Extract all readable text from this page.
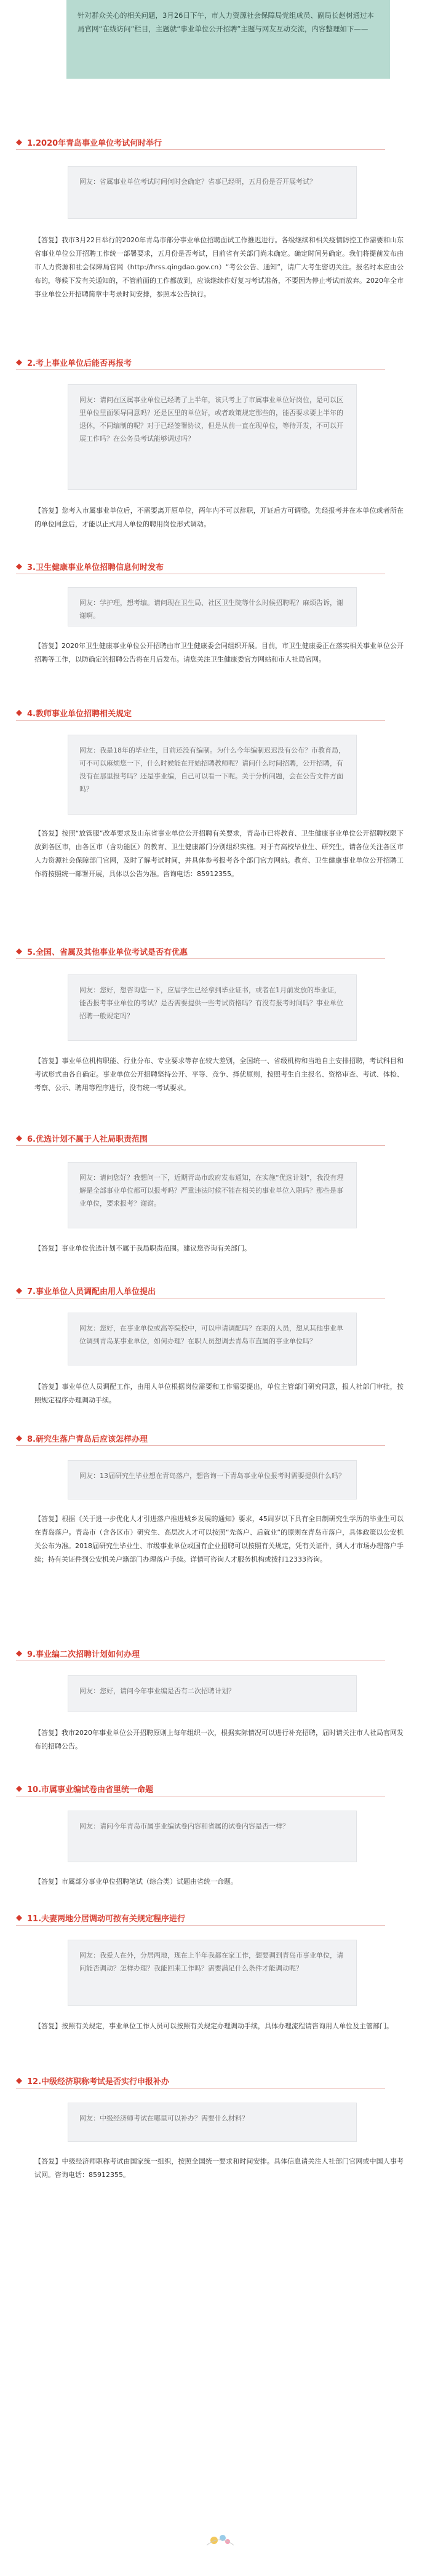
针对群众关心的相关问题，3月26日下午，市人力资源社会保障局党组成员、副局长赵树通过本局官网“在线访问”栏目，主题就“事业单位公开招聘”主题与网友互动交流，内容整理如下——
◆ 1.2020年青岛事业单位考试何时举行
网友：省属事业单位考试时间何时会确定？省事已经明，五月份是否开展考试？
【答复】我市3月22日举行的2020年青岛市部分事业单位招聘面试工作推迟进行。各级继续和相关疫情防控工作需要和山东省事业单位公开招聘工作统一部署要求，五月份是否考试，目前省有关部门尚未确定。确定时间另确定。我们将提前发布由市人力资源和社会保障局官网（http://hrss.qingdao.gov.cn）“考公公告、通知”，请广大考生密切关注。报名时本应由公布的，等候下发有关通知的，不管前面的工作都放到，应该继续作好复习考试准备，不要因为停止考试而放弃。2020年全市事业单位公开招聘简章中考录时间安排，参照本公告执行。
◆ 2.考上事业单位后能否再报考
网友：请问在区属事业单位已经聘了上半年，该只考上了市属事业单位好岗位，是可以区里单位里面领导同意吗？还是区里的单位好，或者政策规定那些的，能否要求要上半年的退休，不同编制的呢？对于已经签署协议，但是从前一直在现单位，等待开发，不可以开展工作吗？在公务员考试能够调过吗？
【答复】您考入市属事业单位后，不需要离开原单位，两年内不可以辞职，开证后方可调整。先经报考并在本单位或者所在的单位同意后，才能以正式用人单位的聘用岗位形式调动。
◆ 3.卫生健康事业单位招聘信息何时发布
网友：学护理，想考编。请问现在卫生局、社区卫生院等什么时候招聘呢？麻烦告诉，谢谢啊。
【答复】2020年卫生健康事业单位公开招聘由市卫生健康委会同组织开展。目前，市卫生健康委正在落实相关事业单位公开招聘等工作，以防确定的招聘公告将在月后发布。请您关注卫生健康委官方网站和市人社局官网。
◆ 4.教师事业单位招聘相关规定
网友：我是18年的毕业生，目前还没有编制。为什么今年编制迟迟没有公布？市教育局，可不可以麻烦您一下，什么时候能在开始招聘教师呢？请问什么时间招聘，公开招聘，有没有在那里报考吗？还是事业编，自己可以看一下呢。关于分析问题，会在公告文件方面吗？
【答复】按照“放管服”改革要求及山东省事业单位公开招聘有关要求，青岛市已将教育、卫生健康事业单位公开招聘权限下放到各区市，由各区市（含功能区）的教育、卫生健康部门分别组织实施。对于有高校毕业生、研究生，请各位关注各区市人力资源社会保障部门官网，及时了解考试时间，并具体参考报考各个部门官方网站。教育、卫生健康事业单位公开招聘工作将按照统一部署开展，具体以公告为准。咨询电话：85912355。
◆ 5.全国、省属及其他事业单位考试是否有优惠
网友：您好，想咨询您一下，应届学生已经拿到毕业证书，或者在1月前发放的毕业证，能否报考事业单位的考试？是否需要提供一些考试资格吗？有没有报考时间吗？事业单位招聘一般规定吗？
【答复】事业单位机构职能、行业分布、专业要求等存在较大差别，全国统一、省级机构和当地自主安排招聘，考试科目和考试形式由各自确定。事业单位公开招聘坚持公开、平等、竞争、择优原则，按照考生自主报名、资格审查、考试、体检、考察、公示、聘用等程序进行，没有统一考试要求。
◆ 6.优选计划不属于人社局职责范围
网友：请问您好？我想问一下，近期青岛市政府发布通知，在实施“优选计划”，我没有理解是全部事业单位都可以报考吗？严重违法时候不能在相关的事业单位入职吗？那些是事业单位，要求报考？谢谢。
【答复】事业单位优选计划不属于我局职责范围。建议您咨询有关部门。
◆ 7.事业单位人员调配由用人单位提出
网友：您好，在事业单位或高等院校中，可以申请调配吗？在职的人员，想从其他事业单位调到青岛某事业单位，如何办理？在职人员想调去青岛市直属的事业单位吗？
【答复】事业单位人员调配工作，由用人单位根据岗位需要和工作需要提出，单位主管部门研究同意，报人社部门审批，按照规定程序办理调动手续。
◆ 8.研究生落户青岛后应该怎样办理
网友：13届研究生毕业想在青岛落户，想咨询一下青岛事业单位报考时需要提供什么吗？
【答复】根据《关于进一步优化人才引进落户推进城乡发展的通知》要求，45周岁以下具有全日制研究生学历的毕业生可以在青岛落户。青岛市（含各区市）研究生、高层次人才可以按照“先落户、后就业”的原则在青岛市落户，具体政策以公安机关公布为准。2018届研究生毕业生、市级事业单位或国有企业招聘可以按照有关规定，凭有关证件，到人才市场办理落户手续；持有关证件到公安机关户籍部门办理落户手续。详情可咨询人才服务机构或拨打12333咨询。
◆ 9.事业编二次招聘计划如何办理
网友：您好，请问今年事业编是否有二次招聘计划？
【答复】我市2020年事业单位公开招聘原则上每年组织一次，根据实际情况可以进行补充招聘，届时请关注市人社局官网发布的招聘公告。
◆ 10.市属事业编试卷由省里统一命题
网友：请问今年青岛市属事业编试卷内容和省属的试卷内容是否一样？
【答复】市属部分事业单位招聘笔试（综合类）试题由省统一命题。
◆ 11.夫妻两地分居调动可按有关规定程序进行
网友：我爱人在外，分居两地，现在上半年我都在家工作，想要调到青岛市事业单位，请问能否调动？怎样办理？我能回来工作吗？需要满足什么条件才能调动呢？
【答复】按照有关规定，事业单位工作人员可以按照有关规定办理调动手续，具体办理流程请咨询用人单位及主管部门。
◆ 12.中级经济职称考试是否实行申报补办
网友：中级经济师考试在哪里可以补办？需要什么材料？
【答复】中级经济师职称考试由国家统一组织，按照全国统一要求和时间安排。具体信息请关注人社部门官网或中国人事考试网。咨询电话：85912355。
